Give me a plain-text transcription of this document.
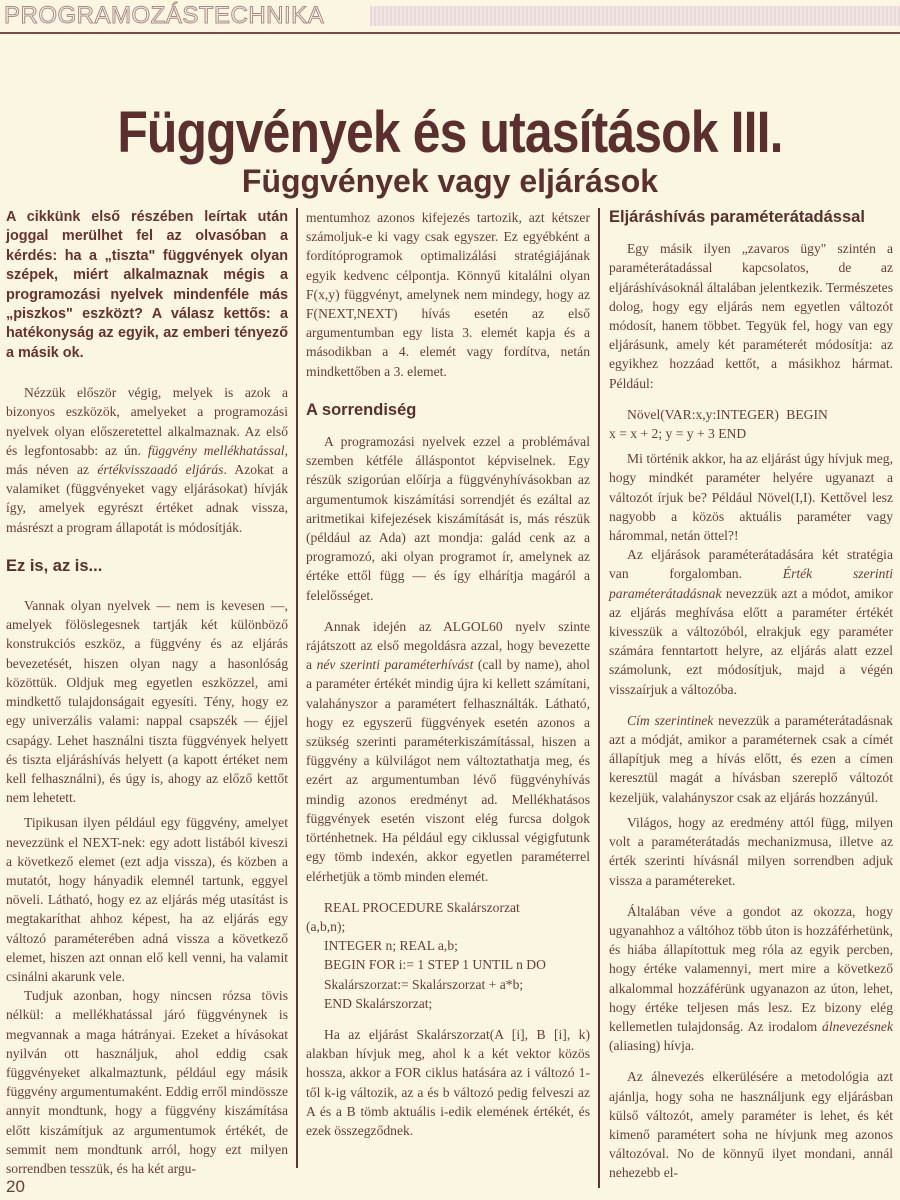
PROGRAMOZÁSTECHNIKA
Függvények és utasítások III.
Függvények vagy eljárások

A cikkünk első részében leírtak után joggal merülhet fel az olvasóban a kérdés: ha a „tiszta" függvények olyan szépek, miért alkalmaznak mégis a programozási nyelvek mindenféle más „piszkos" eszközt? A válasz kettős: a hatékonyság az egyik, az emberi tényező a másik ok.

Nézzük először végig, melyek is azok a bizonyos eszközök, amelyeket a programozási nyelvek olyan előszeretettel alkalmaznak. Az első és legfontosabb: az ún. függvény mellékhatással, más néven az értékvisszaadó eljárás. Azokat a valamiket (függvényeket vagy eljárásokat) hívják így, amelyek egyrészt értéket adnak vissza, másrészt a program állapotát is módosítják.

Ez is, az is...

Vannak olyan nyelvek — nem is kevesen —, amelyek fölöslegesnek tartják két különböző konstrukciós eszköz, a függvény és az eljárás bevezetését, hiszen olyan nagy a hasonlóság közöttük. Oldjuk meg egyetlen eszközzel, ami mindkettő tulajdonságait egyesíti. Tény, hogy ez egy univerzális valami: nappal csapszék — éjjel csapágy. Lehet használni tiszta függvények helyett és tiszta eljáráshívás helyett (a kapott értéket nem kell felhasználni), és úgy is, ahogy az előző kettőt nem lehetett.

Tipikusan ilyen például egy függvény, amelyet nevezzünk el NEXT-nek: egy adott listából kiveszi a következő elemet (ezt adja vissza), és közben a mutatót, hogy hányadik elemnél tartunk, eggyel növeli. Látható, hogy ez az eljárás még utasítást is megtakaríthat ahhoz képest, ha az eljárás egy változó paraméterében adná vissza a következő elemet, hiszen azt onnan elő kell venni, ha valamit csinálni akarunk vele.

Tudjuk azonban, hogy nincsen rózsa tövis nélkül: a mellékhatással járó függvénynek is megvannak a maga hátrányai. Ezeket a hívásokat nyilván ott használjuk, ahol eddig csak függvényeket alkalmaztunk, például egy másik függvény argumentumaként. Eddig erről mindössze annyit mondtunk, hogy a függvény kiszámítása előtt kiszámítjuk az argumentumok értékét, de semmit nem mondtunk arról, hogy ezt milyen sorrendben tesszük, és ha két argu-

mentumhoz azonos kifejezés tartozik, azt kétszer számoljuk-e ki vagy csak egyszer. Ez egyébként a fordítóprogramok optimalizálási stratégiájának egyik kedvenc célpontja. Könnyű kitalálni olyan F(x,y) függvényt, amelynek nem mindegy, hogy az F(NEXT,NEXT) hívás esetén az első argumentumban egy lista 3. elemét kapja és a másodikban a 4. elemét vagy fordítva, netán mindkettőben a 3. elemet.

A sorrendiség

A programozási nyelvek ezzel a problémával szemben kétféle álláspontot képviselnek. Egy részük szigorúan előírja a függvényhívásokban az argumentumok kiszámítási sorrendjét és ezáltal az aritmetikai kifejezések kiszámítását is, más részük (például az Ada) azt mondja: galád cenk az a programozó, aki olyan programot ír, amelynek az értéke ettől függ — és így elhárítja magáról a felelősséget.

Annak idején az ALGOL60 nyelv szinte rájátszott az első megoldásra azzal, hogy bevezette a név szerinti paraméterhívást (call by name), ahol a paraméter értékét mindig újra ki kellett számítani, valahányszor a paramétert felhasználták. Látható, hogy ez egyszerű függvények esetén azonos a szükség szerinti paraméterkiszámítással, hiszen a függvény a külvilágot nem változtathatja meg, és ezért az argumentumban lévő függvényhívás mindig azonos eredményt ad. Mellékhatásos függvények esetén viszont elég furcsa dolgok történhetnek. Ha például egy ciklussal végigfutunk egy tömb indexén, akkor egyetlen paraméterrel elérhetjük a tömb minden elemét.

REAL PROCEDURE Skalárszorzat
(a,b,n);
INTEGER n; REAL a,b;
BEGIN FOR i:= 1 STEP 1 UNTIL n DO
Skalárszorzat:= Skalárszorzat + a*b;
END Skalárszorzat;

Ha az eljárást Skalárszorzat(A [i], B [i], k) alakban hívjuk meg, ahol k a két vektor közös hossza, akkor a FOR ciklus hatására az i változó 1-től k-ig változik, az a és b változó pedig felveszi az A és a B tömb aktuális i-edik elemének értékét, és ezek összegződnek.

Eljáráshívás paraméterátadással

Egy másik ilyen „zavaros ügy" szintén a paraméterátadással kapcsolatos, de az eljáráshívásoknál általában jelentkezik. Természetes dolog, hogy egy eljárás nem egyetlen változót módosít, hanem többet. Tegyük fel, hogy van egy eljárásunk, amely két paraméterét módosítja: az egyikhez hozzáad kettőt, a másikhoz hármat. Például:

Növel(VAR:x,y:INTEGER) BEGIN
x = x + 2; y = y + 3 END

Mi történik akkor, ha az eljárást úgy hívjuk meg, hogy mindkét paraméter helyére ugyanazt a változót írjuk be? Például Növel(I,I). Kettővel lesz nagyobb a közös aktuális paraméter vagy hárommal, netán öttel?!

Az eljárások paraméterátadására két stratégia van forgalomban. Érték szerinti paraméterátadásnak nevezzük azt a módot, amikor az eljárás meghívása előtt a paraméter értékét kivesszük a változóból, elrakjuk egy paraméter számára fenntartott helyre, az eljárás alatt ezzel számolunk, ezt módosítjuk, majd a végén visszaírjuk a változóba.

Cím szerintinek nevezzük a paraméterátadásnak azt a módját, amikor a paraméternek csak a címét állapítjuk meg a hívás előtt, és ezen a címen keresztül magát a hívásban szereplő változót kezeljük, valahányszor csak az eljárás hozzányúl.

Világos, hogy az eredmény attól függ, milyen volt a paraméterátadás mechanizmusa, illetve az érték szerinti hívásnál milyen sorrendben adjuk vissza a paramétereket.

Általában véve a gondot az okozza, hogy ugyanahhoz a váltóhoz több úton is hozzáférhetünk, és hiába állapítottuk meg róla az egyik percben, hogy értéke valamennyi, mert mire a következő alkalommal hozzáférünk ugyanazon az úton, lehet, hogy értéke teljesen más lesz. Ez bizony elég kellemetlen tulajdonság. Az irodalom álnevezésnek (aliasing) hívja.

Az álnevezés elkerülésére a metodológia azt ajánlja, hogy soha ne használjunk egy eljárásban külső változót, amely paraméter is lehet, és két kimenő paramétert soha ne hívjunk meg azonos változóval. No de könnyű ilyet mondani, annál nehezebb el-

20
